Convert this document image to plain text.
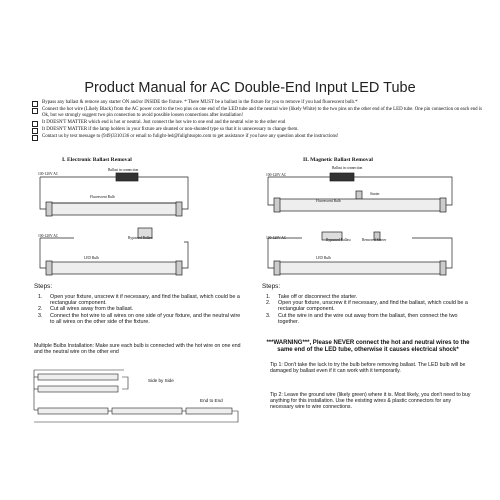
Product Manual for AC Double-End Input LED Tube
Bypass any ballast & remove any starter ON and/or INSIDE the fixture. * There MUST be a ballast in the fixture for you to remove if you had fluorescent bulb.*
Connect the hot wire (Likely Black) from the AC power cord to the two pins on one end of the LED tube and the neutral wire (likely White) to the two pins on the other end of the LED tube. One pin connection on each end is Ok, but we strongly suggest two pin connection to avoid possible loosen connections after installation!
It DOESN'T MATTER which end is hot or neutral. Just connect the hot wire to one end and the neutral wire to the other end
It DOESN'T MATTER if the lamp holders in your fixture are shunted or non-shunted type so that it is unnecessary to change them.
Contact us by text message to (949)3310136 or email to fulight-led@fulightsopto.com to get assistance if you have any question about the instructions!
I. Electronic Ballast Removal
100-120V AC
Ballast in connection
Fluorescent Bulb
100-120V AC	Bypassed Ballast
LED Bulb
Steps:
1.	Open your fixture, unscrew it if necessary, and find the ballast, which could be a rectangular component.
2.	Cut all wires away from the ballast.
3.	Connect the hot wire to all wires on one side of your fixture, and the neutral wire to all wires on the other side of the fixture.
Multiple Bulbs Installation: Make sure each bulb is connected with the hot wire on one end and the neutral wire on the other end
Side by Side
End to End
II. Magnetic Ballast Removal
100-120V AC
Ballast in connection
Starter
Fluorescent Bulb
100-120V AC	Bypassed Ballast	Removed Starter
LED Bulb
Steps:
1.	Take off or disconnect the starter.
2.	Open your fixture, unscrew it if necessary, and find the ballast, which could be a rectangular component.
3.	Cut the wire in and the wire out away from the ballast, then connect the two together.
***WARNING***, Please NEVER connect the hot and neutral wires to the same end of the LED tube, otherwise it causes electrical shock*
Tip 1: Don't take the luck to try the bulb before removing ballast. The LED bulb will be damaged by ballast even if it can work with it temporarily.
Tip 2: Leave the ground wire (likely green) where it is. Most likely, you don't need to buy anything for this installation. Use the existing wires & plastic connectors for any necessary wire to wire connections.
